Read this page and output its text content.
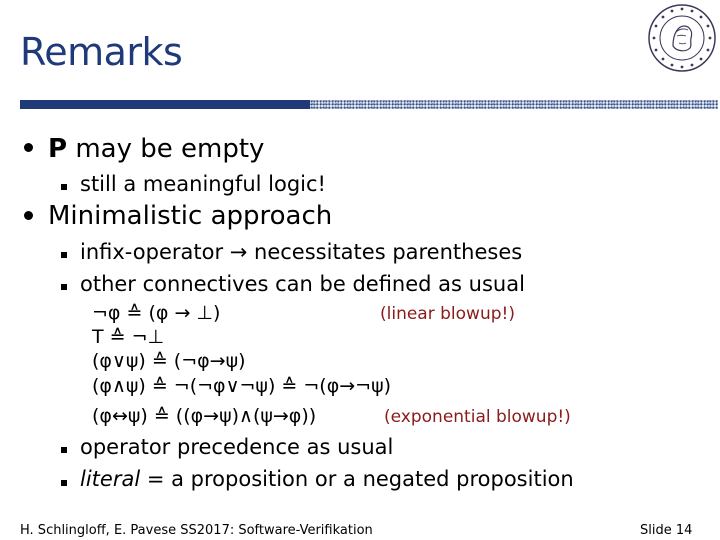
Remarks
P may be empty
still a meaningful logic!
Minimalistic approach
infix-operator → necessitates parentheses
other connectives can be defined as usual
¬φ ≙ (φ → ⊥)	(linear blowup!)
T ≙ ¬⊥
(φ∨ψ) ≙ (¬φ→ψ)
(φ∧ψ) ≙ ¬(¬φ∨¬ψ) ≙ ¬(φ→¬ψ)
(φ↔ψ) ≙ ((φ→ψ)∧(ψ→φ))	(exponential blowup!)
operator precedence as usual
literal = a proposition or a negated proposition
H. Schlingloff, E. Pavese SS2017: Software-Verifikation	Slide 14
